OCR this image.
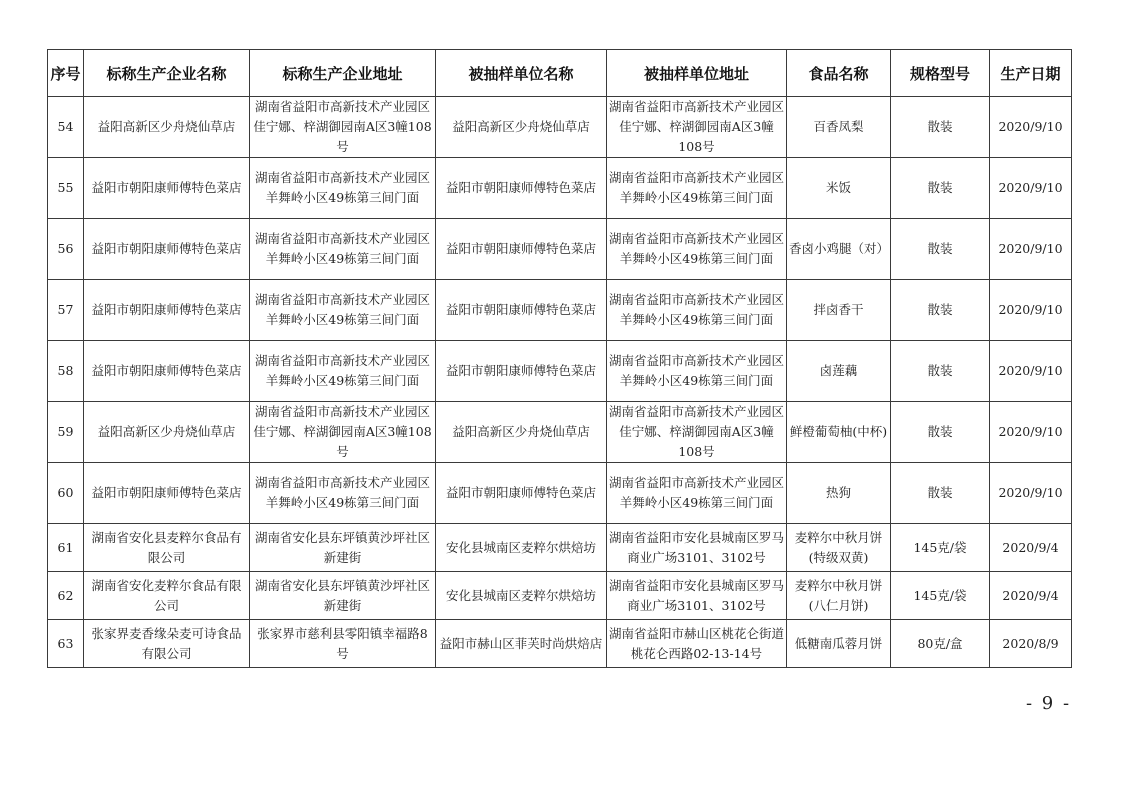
序号	标称生产企业名称	标称生产企业地址	被抽样单位名称	被抽样单位地址	食品名称	规格型号	生产日期
54	益阳高新区少舟烧仙草店	湖南省益阳市高新技术产业园区佳宁娜、梓湖御园南A区3幢108号	益阳高新区少舟烧仙草店	湖南省益阳市高新技术产业园区佳宁娜、梓湖御园南A区3幢108号	百香凤梨	散装	2020/9/10
55	益阳市朝阳康师傅特色菜店	湖南省益阳市高新技术产业园区羊舞岭小区49栋第三间门面	益阳市朝阳康师傅特色菜店	湖南省益阳市高新技术产业园区羊舞岭小区49栋第三间门面	米饭	散装	2020/9/10
56	益阳市朝阳康师傅特色菜店	湖南省益阳市高新技术产业园区羊舞岭小区49栋第三间门面	益阳市朝阳康师傅特色菜店	湖南省益阳市高新技术产业园区羊舞岭小区49栋第三间门面	香卤小鸡腿（对）	散装	2020/9/10
57	益阳市朝阳康师傅特色菜店	湖南省益阳市高新技术产业园区羊舞岭小区49栋第三间门面	益阳市朝阳康师傅特色菜店	湖南省益阳市高新技术产业园区羊舞岭小区49栋第三间门面	拌卤香干	散装	2020/9/10
58	益阳市朝阳康师傅特色菜店	湖南省益阳市高新技术产业园区羊舞岭小区49栋第三间门面	益阳市朝阳康师傅特色菜店	湖南省益阳市高新技术产业园区羊舞岭小区49栋第三间门面	卤莲藕	散装	2020/9/10
59	益阳高新区少舟烧仙草店	湖南省益阳市高新技术产业园区佳宁娜、梓湖御园南A区3幢108号	益阳高新区少舟烧仙草店	湖南省益阳市高新技术产业园区佳宁娜、梓湖御园南A区3幢108号	鲜橙葡萄柚(中杯)	散装	2020/9/10
60	益阳市朝阳康师傅特色菜店	湖南省益阳市高新技术产业园区羊舞岭小区49栋第三间门面	益阳市朝阳康师傅特色菜店	湖南省益阳市高新技术产业园区羊舞岭小区49栋第三间门面	热狗	散装	2020/9/10
61	湖南省安化县麦粹尔食品有限公司	湖南省安化县东坪镇黄沙坪社区新建街	安化县城南区麦粹尔烘焙坊	湖南省益阳市安化县城南区罗马商业广场3101、3102号	麦粹尔中秋月饼(特级双黄)	145克/袋	2020/9/4
62	湖南省安化麦粹尔食品有限公司	湖南省安化县东坪镇黄沙坪社区新建街	安化县城南区麦粹尔烘焙坊	湖南省益阳市安化县城南区罗马商业广场3101、3102号	麦粹尔中秋月饼(八仁月饼)	145克/袋	2020/9/4
63	张家界麦香缘朵麦可诗食品有限公司	张家界市慈利县零阳镇幸福路8号	益阳市赫山区菲芙时尚烘焙店	湖南省益阳市赫山区桃花仑街道桃花仑西路02-13-14号	低糖南瓜蓉月饼	80克/盒	2020/8/9
- 9 -
